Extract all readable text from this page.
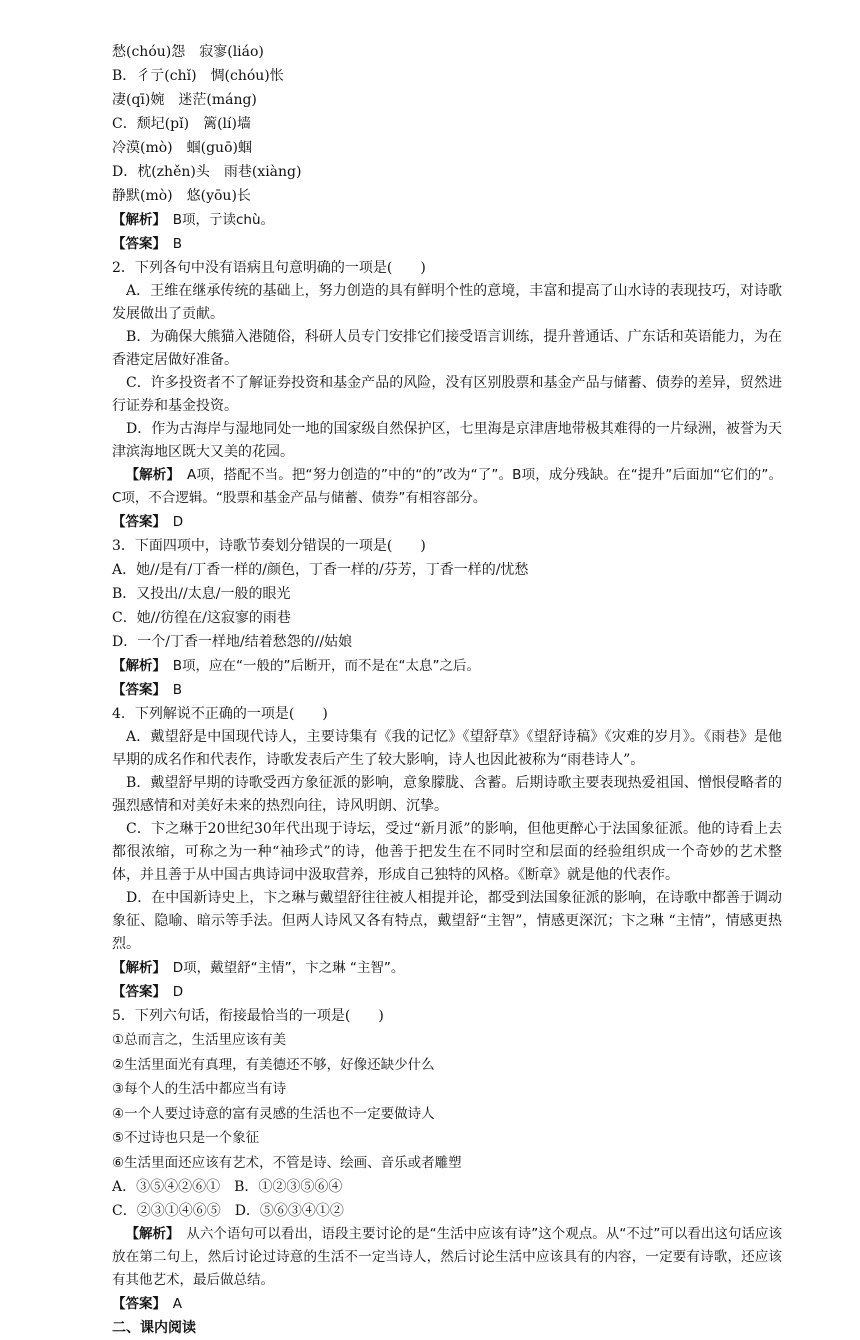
愁(chóu)怨　寂寥(liáo)
B．彳亍(chǐ)　惆(chóu)怅
凄(qī)婉　迷茫(máng)
C．颓圮(pǐ)　篱(lí)墙
冷漠(mò)　蝈(guō)蝈
D．枕(zhěn)头　雨巷(xiàng)
静默(mò)　悠(yōu)长
【解析】　B项，亍读chù。
【答案】　B
2．下列各句中没有语病且句意明确的一项是(　　)

A．王维在继承传统的基础上，努力创造的具有鲜明个性的意境，丰富和提高了山水诗的表现技巧，对诗歌发展做出了贡献。

B．为确保大熊猫入港随俗，科研人员专门安排它们接受语言训练，提升普通话、广东话和英语能力，为在香港定居做好准备。

C．许多投资者不了解证券投资和基金产品的风险，没有区别股票和基金产品与储蓄、债券的差异，贸然进行证券和基金投资。

D．作为古海岸与湿地同处一地的国家级自然保护区，七里海是京津唐地带极其难得的一片绿洲，被誉为天津滨海地区既大又美的花园。

【解析】　A项，搭配不当。把“努力创造的”中的“的”改为“了”。B项，成分残缺。在“提升”后面加“它们的”。C项，不合逻辑。“股票和基金产品与储蓄、债券”有相容部分。

【答案】　D
3．下面四项中，诗歌节奏划分错误的一项是(　　)
A．她//是有/丁香一样的/颜色，丁香一样的/芬芳，丁香一样的/忧愁
B．又投出//太息/一般的眼光
C．她//彷徨在/这寂寥的雨巷
D．一个/丁香一样地/结着愁怨的//姑娘
【解析】　B项，应在“一般的”后断开，而不是在“太息”之后。
【答案】　B
4．下列解说不正确的一项是(　　)

A．戴望舒是中国现代诗人，主要诗集有《我的记忆》《望舒草》《望舒诗稿》《灾难的岁月》。《雨巷》是他早期的成名作和代表作，诗歌发表后产生了较大影响，诗人也因此被称为“雨巷诗人”。

B．戴望舒早期的诗歌受西方象征派的影响，意象朦胧、含蓄。后期诗歌主要表现热爱祖国、憎恨侵略者的强烈感情和对美好未来的热烈向往，诗风明朗、沉挚。

C．卞之琳于20世纪30年代出现于诗坛，受过“新月派”的影响，但他更醉心于法国象征派。他的诗看上去都很浓缩，可称之为一种“袖珍式”的诗，他善于把发生在不同时空和层面的经验组织成一个奇妙的艺术整体，并且善于从中国古典诗词中汲取营养，形成自己独特的风格。《断章》就是他的代表作。

D．在中国新诗史上，卞之琳与戴望舒往往被人相提并论，都受到法国象征派的影响，在诗歌中都善于调动象征、隐喻、暗示等手法。但两人诗风又各有特点，戴望舒“主智”，情感更深沉；卞之琳 “主情”，情感更热烈。

【解析】　D项，戴望舒“主情”，卞之琳 “主智”。
【答案】　D
5．下列六句话，衔接最恰当的一项是(　　)
①总而言之，生活里应该有美
②生活里面光有真理，有美德还不够，好像还缺少什么
③每个人的生活中都应当有诗
④一个人要过诗意的富有灵感的生活也不一定要做诗人
⑤不过诗也只是一个象征
⑥生活里面还应该有艺术，不管是诗、绘画、音乐或者雕塑
A．③⑤④②⑥①　B．①②③⑤⑥④
C．②③①④⑥⑤　D．⑤⑥③④①②

【解析】　从六个语句可以看出，语段主要讨论的是“生活中应该有诗”这个观点。从“不过”可以看出这句话应该放在第二句上，然后讨论过诗意的生活不一定当诗人，然后讨论生活中应该具有的内容，一定要有诗歌，还应该有其他艺术，最后做总结。

【答案】　A
二、课内阅读
